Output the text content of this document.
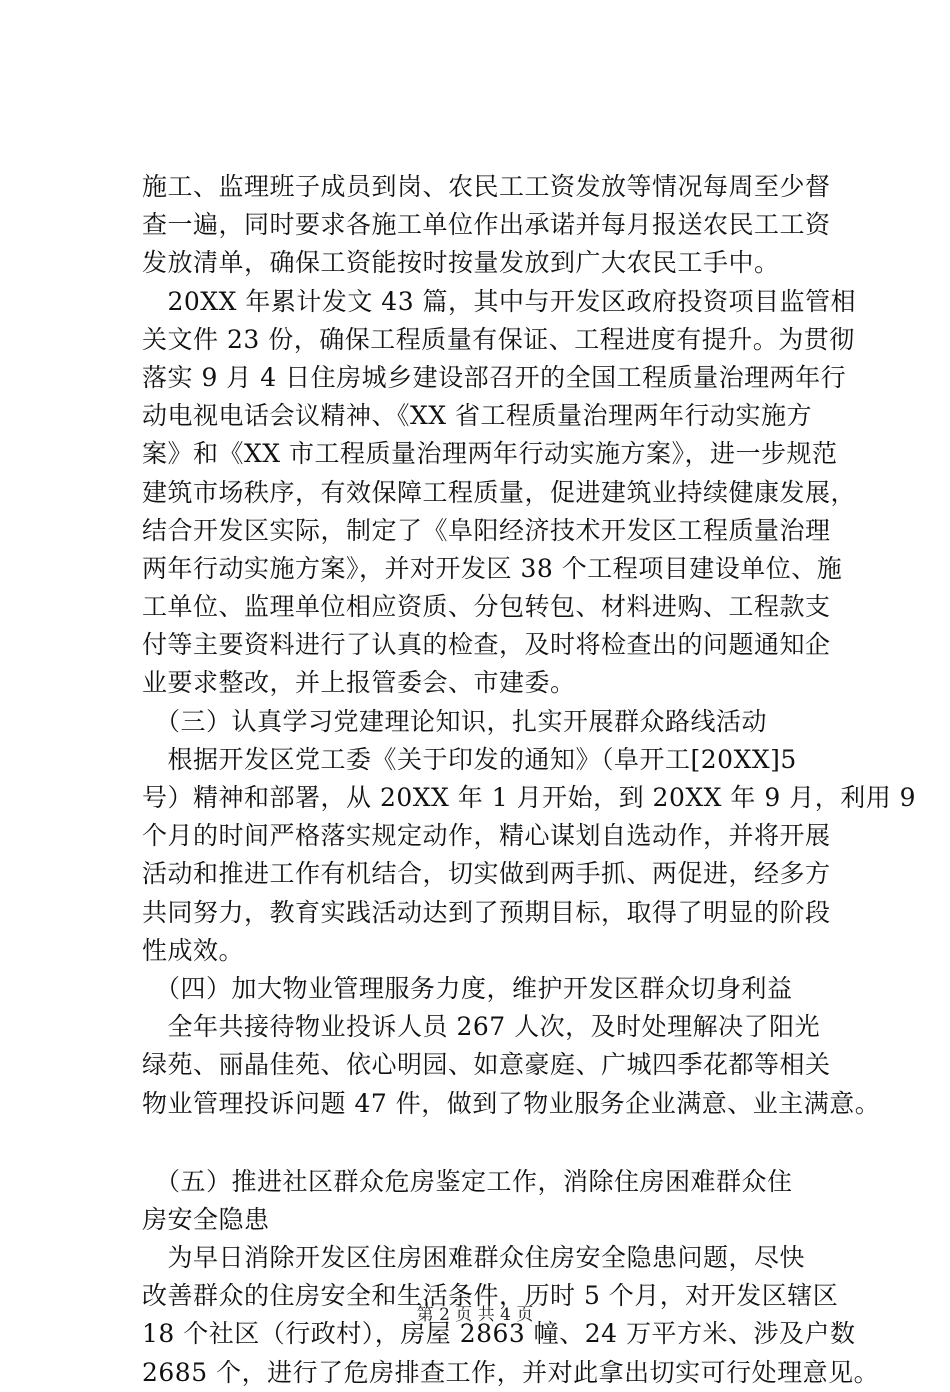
施工、监理班子成员到岗、农民工工资发放等情况每周至少督
查一遍，同时要求各施工单位作出承诺并每月报送农民工工资
发放清单，确保工资能按时按量发放到广大农民工手中。
　20XX 年累计发文 43 篇，其中与开发区政府投资项目监管相
关文件 23 份，确保工程质量有保证、工程进度有提升。为贯彻
落实 9 月 4 日住房城乡建设部召开的全国工程质量治理两年行
动电视电话会议精神、《XX 省工程质量治理两年行动实施方
案》和《XX 市工程质量治理两年行动实施方案》，进一步规范
建筑市场秩序，有效保障工程质量，促进建筑业持续健康发展，
结合开发区实际，制定了《阜阳经济技术开发区工程质量治理
两年行动实施方案》，并对开发区 38 个工程项目建设单位、施
工单位、监理单位相应资质、分包转包、材料进购、工程款支
付等主要资料进行了认真的检查，及时将检查出的问题通知企
业要求整改，并上报管委会、市建委。
　（三）认真学习党建理论知识，扎实开展群众路线活动
　根据开发区党工委《关于印发的通知》（阜开工[20XX]5
号）精神和部署，从 20XX 年 1 月开始，到 20XX 年 9 月，利用 9
个月的时间严格落实规定动作，精心谋划自选动作，并将开展
活动和推进工作有机结合，切实做到两手抓、两促进，经多方
共同努力，教育实践活动达到了预期目标，取得了明显的阶段
性成效。
　（四）加大物业管理服务力度，维护开发区群众切身利益
　全年共接待物业投诉人员 267 人次，及时处理解决了阳光
绿苑、丽晶佳苑、依心明园、如意豪庭、广城四季花都等相关
物业管理投诉问题 47 件，做到了物业服务企业满意、业主满意。
　（五）推进社区群众危房鉴定工作，消除住房困难群众住
房安全隐患
　为早日消除开发区住房困难群众住房安全隐患问题，尽快
改善群众的住房安全和生活条件，历时 5 个月，对开发区辖区
18 个社区（行政村），房屋 2863 幢、24 万平方米、涉及户数
2685 个，进行了危房排查工作，并对此拿出切实可行处理意见。
第 2 页 共 4 页
